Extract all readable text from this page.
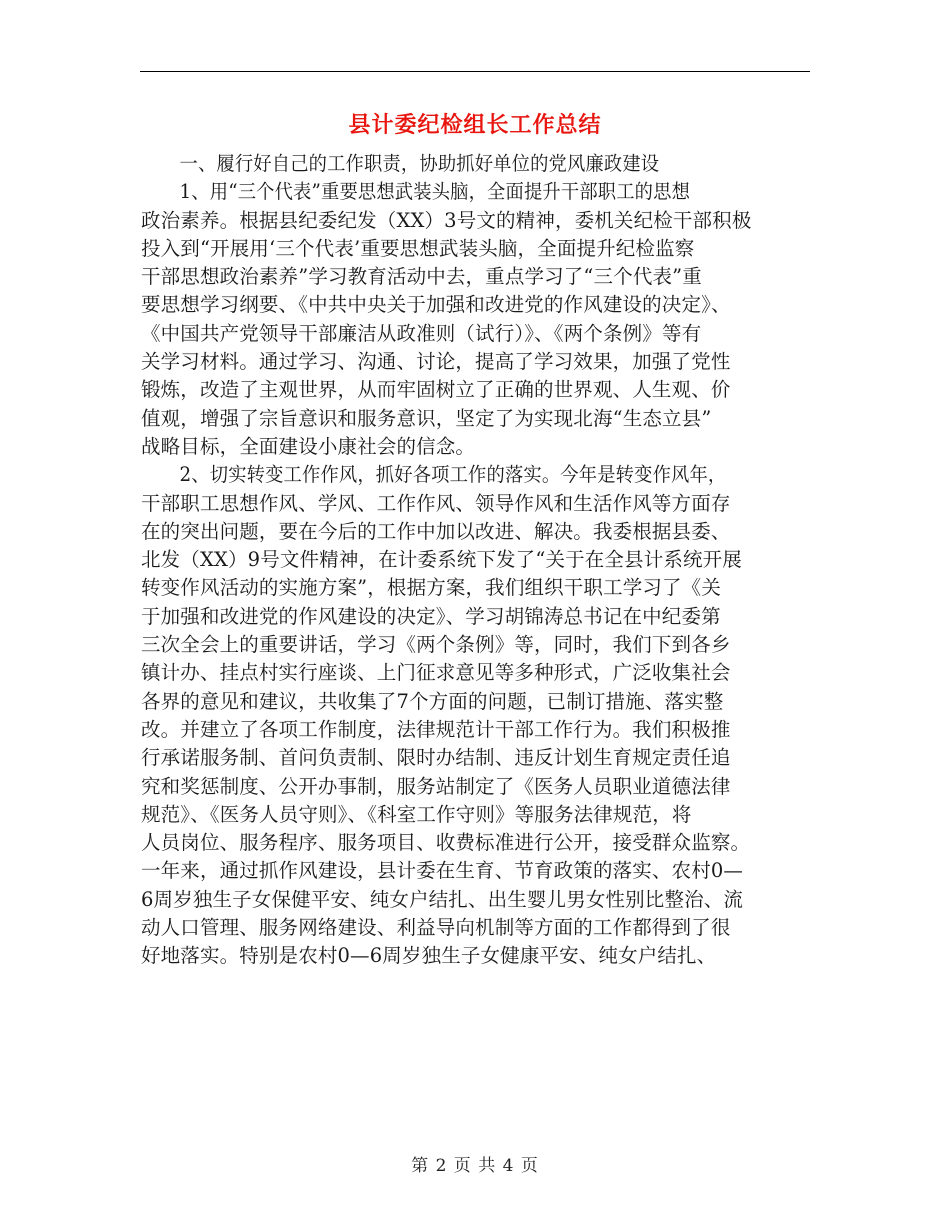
县计委纪检组长工作总结
一、履行好自己的工作职责，协助抓好单位的党风廉政建设
1、用“三个代表”重要思想武装头脑，全面提升干部职工的思想
政治素养。根据县纪委纪发（XX）3号文的精神，委机关纪检干部积极
投入到“开展用‘三个代表’重要思想武装头脑，全面提升纪检监察
干部思想政治素养”学习教育活动中去，重点学习了“三个代表”重
要思想学习纲要、《中共中央关于加强和改进党的作风建设的决定》、
《中国共产党领导干部廉洁从政准则（试行）》、《两个条例》等有
关学习材料。通过学习、沟通、讨论，提高了学习效果，加强了党性
锻炼，改造了主观世界，从而牢固树立了正确的世界观、人生观、价
值观，增强了宗旨意识和服务意识，坚定了为实现北海“生态立县”
战略目标，全面建设小康社会的信念。
2、切实转变工作作风，抓好各项工作的落实。今年是转变作风年，
干部职工思想作风、学风、工作作风、领导作风和生活作风等方面存
在的突出问题，要在今后的工作中加以改进、解决。我委根据县委、
北发（XX）9号文件精神，在计委系统下发了“关于在全县计系统开展
转变作风活动的实施方案”，根据方案，我们组织干职工学习了《关
于加强和改进党的作风建设的决定》、学习胡锦涛总书记在中纪委第
三次全会上的重要讲话，学习《两个条例》等，同时，我们下到各乡
镇计办、挂点村实行座谈、上门征求意见等多种形式，广泛收集社会
各界的意见和建议，共收集了7个方面的问题，已制订措施、落实整
改。并建立了各项工作制度，法律规范计干部工作行为。我们积极推
行承诺服务制、首问负责制、限时办结制、违反计划生育规定责任追
究和奖惩制度、公开办事制，服务站制定了《医务人员职业道德法律
规范》、《医务人员守则》、《科室工作守则》等服务法律规范，将
人员岗位、服务程序、服务项目、收费标准进行公开，接受群众监察。
一年来，通过抓作风建设，县计委在生育、节育政策的落实、农村0—
6周岁独生子女保健平安、纯女户结扎、出生婴儿男女性别比整治、流
动人口管理、服务网络建设、利益导向机制等方面的工作都得到了很
好地落实。特别是农村0—6周岁独生子女健康平安、纯女户结扎、
第 2 页 共 4 页
